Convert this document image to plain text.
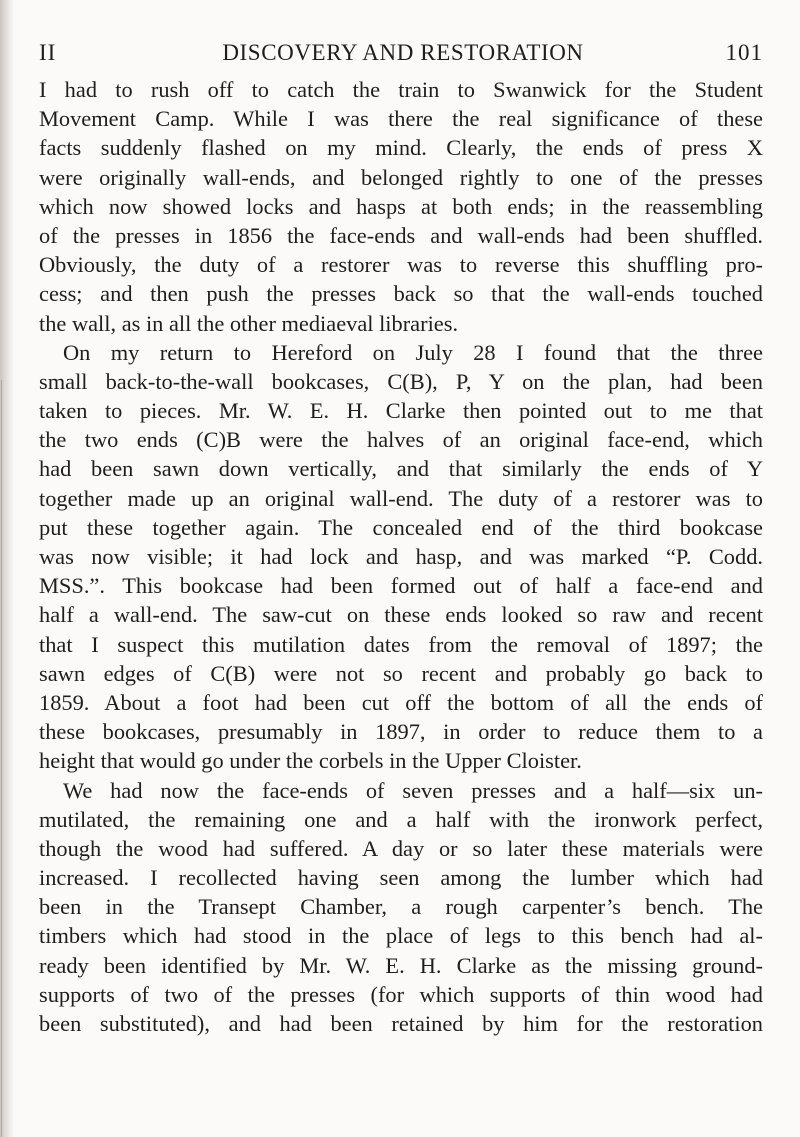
II	DISCOVERY AND RESTORATION	101
I had to rush off to catch the train to Swanwick for the Student
Movement Camp. While I was there the real significance of these
facts suddenly flashed on my mind. Clearly, the ends of press X
were originally wall-ends, and belonged rightly to one of the presses
which now showed locks and hasps at both ends; in the reassembling
of the presses in 1856 the face-ends and wall-ends had been shuffled.
Obviously, the duty of a restorer was to reverse this shuffling pro-
cess; and then push the presses back so that the wall-ends touched
the wall, as in all the other mediaeval libraries.
On my return to Hereford on July 28 I found that the three
small back-to-the-wall bookcases, C(B), P, Y on the plan, had been
taken to pieces. Mr. W. E. H. Clarke then pointed out to me that
the two ends (C)B were the halves of an original face-end, which
had been sawn down vertically, and that similarly the ends of Y
together made up an original wall-end. The duty of a restorer was to
put these together again. The concealed end of the third bookcase
was now visible; it had lock and hasp, and was marked “P. Codd.
MSS.”. This bookcase had been formed out of half a face-end and
half a wall-end. The saw-cut on these ends looked so raw and recent
that I suspect this mutilation dates from the removal of 1897; the
sawn edges of C(B) were not so recent and probably go back to
1859. About a foot had been cut off the bottom of all the ends of
these bookcases, presumably in 1897, in order to reduce them to a
height that would go under the corbels in the Upper Cloister.
We had now the face-ends of seven presses and a half—six un-
mutilated, the remaining one and a half with the ironwork perfect,
though the wood had suffered. A day or so later these materials were
increased. I recollected having seen among the lumber which had
been in the Transept Chamber, a rough carpenter’s bench. The
timbers which had stood in the place of legs to this bench had al-
ready been identified by Mr. W. E. H. Clarke as the missing ground-
supports of two of the presses (for which supports of thin wood had
been substituted), and had been retained by him for the restoration
